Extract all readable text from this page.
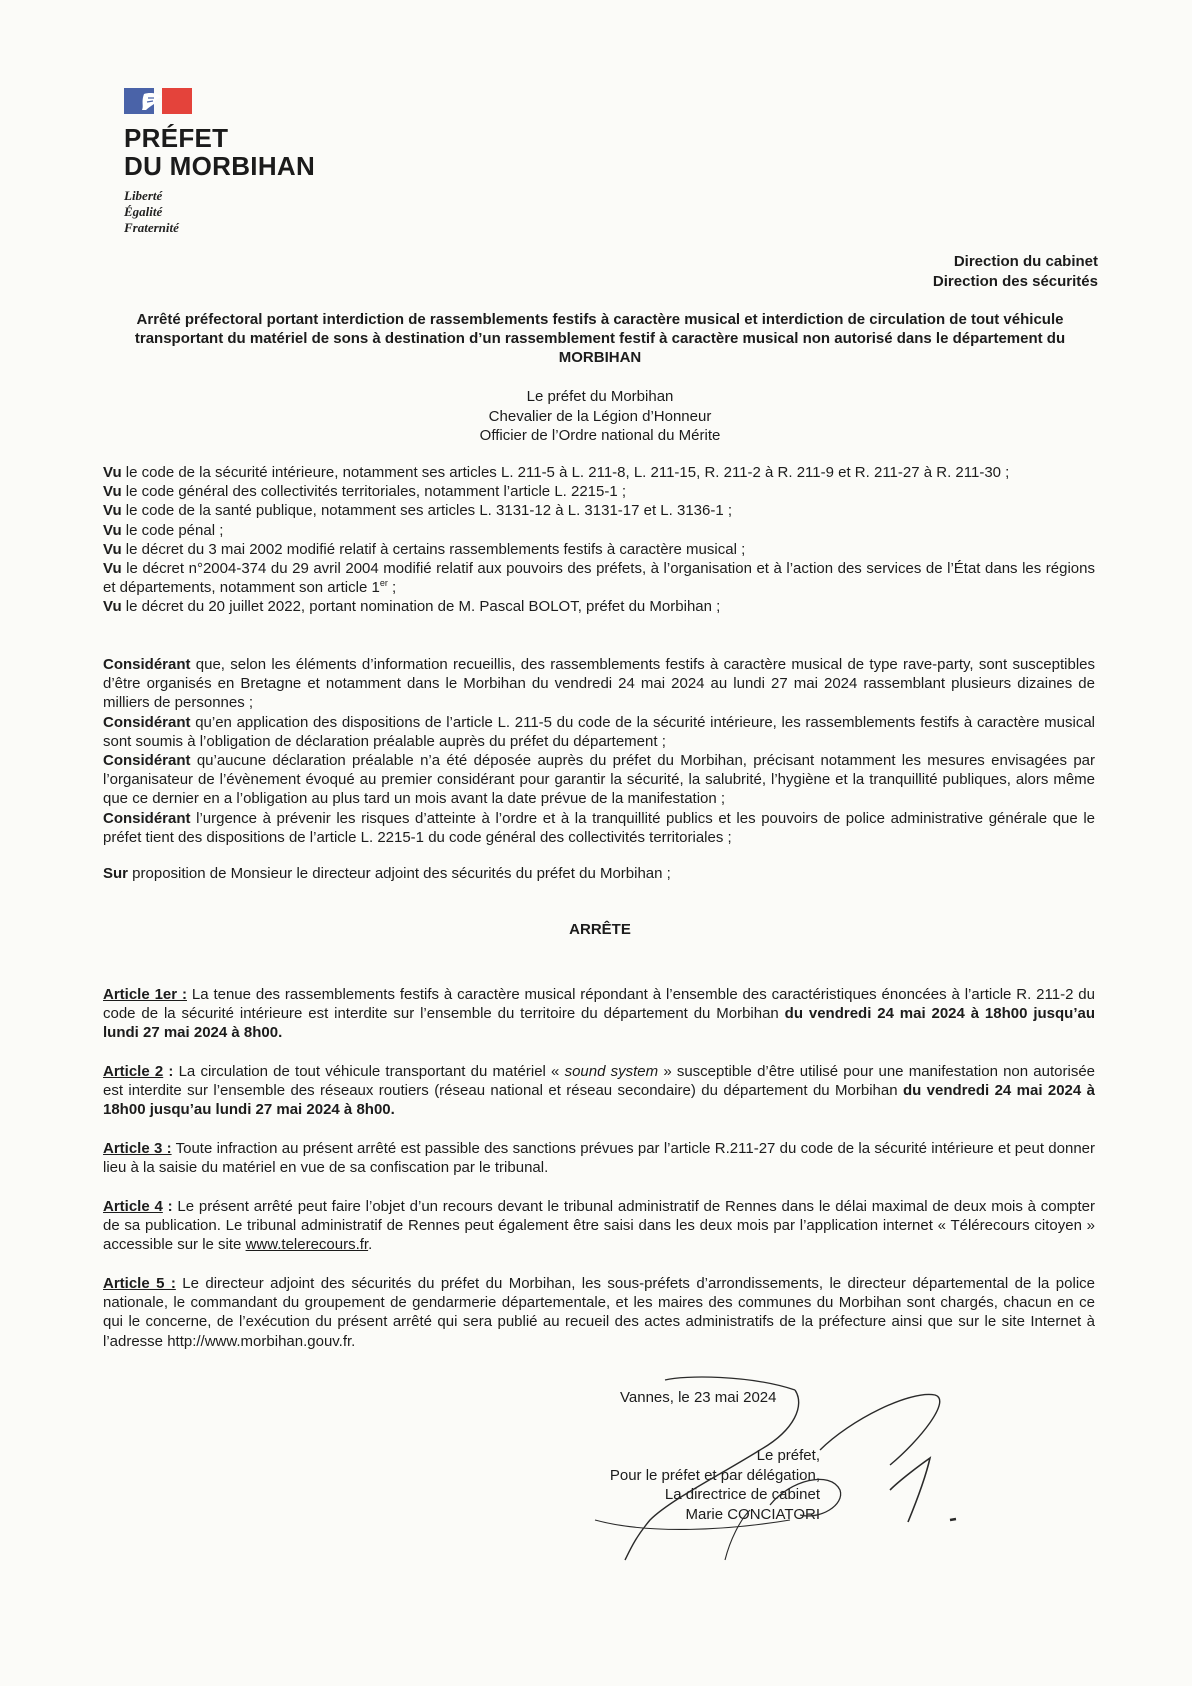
PRÉFET
DU MORBIHAN
Liberté
Égalité
Fraternité
Direction du cabinet
Direction des sécurités
Arrêté préfectoral portant interdiction de rassemblements festifs à caractère musical et interdiction de circulation de tout véhicule transportant du matériel de sons à destination d’un rassemblement festif à caractère musical non autorisé dans le département du MORBIHAN
Le préfet du Morbihan
Chevalier de la Légion d’Honneur
Officier de l’Ordre national du Mérite

Vu le code de la sécurité intérieure, notamment ses articles L. 211-5 à L. 211-8, L. 211-15, R. 211-2 à R. 211-9 et R. 211-27 à R. 211-30 ;

Vu le code général des collectivités territoriales, notamment l’article L. 2215-1 ;

Vu le code de la santé publique, notamment ses articles L. 3131-12 à L. 3131-17 et L. 3136-1 ;

Vu le code pénal ;

Vu le décret du 3 mai 2002 modifié relatif à certains rassemblements festifs à caractère musical ;

Vu le décret n°2004-374 du 29 avril 2004 modifié relatif aux pouvoirs des préfets, à l’organisation et à l’action des services de l’État dans les régions et départements, notamment son article 1er ;

Vu le décret du 20 juillet 2022, portant nomination de M. Pascal BOLOT, préfet du Morbihan ;

Considérant que, selon les éléments d’information recueillis, des rassemblements festifs à caractère musical de type rave-party, sont susceptibles d’être organisés en Bretagne et notamment dans le Morbihan du vendredi 24 mai 2024 au lundi 27 mai 2024 rassemblant plusieurs dizaines de milliers de personnes ;

Considérant qu’en application des dispositions de l’article L. 211-5 du code de la sécurité intérieure, les rassemblements festifs à caractère musical sont soumis à l’obligation de déclaration préalable auprès du préfet du département ;

Considérant qu’aucune déclaration préalable n’a été déposée auprès du préfet du Morbihan, précisant notamment les mesures envisagées par l’organisateur de l’évènement évoqué au premier considérant pour garantir la sécurité, la salubrité, l’hygiène et la tranquillité publiques, alors même que ce dernier en a l’obligation au plus tard un mois avant la date prévue de la manifestation ;

Considérant l’urgence à prévenir les risques d’atteinte à l’ordre et à la tranquillité publics et les pouvoirs de police administrative générale que le préfet tient des dispositions de l’article L. 2215-1 du code général des collectivités territoriales ;

Sur proposition de Monsieur le directeur adjoint des sécurités du préfet du Morbihan ;

ARRÊTE

Article 1er : La tenue des rassemblements festifs à caractère musical répondant à l’ensemble des caractéristiques énoncées à l’article R. 211-2 du code de la sécurité intérieure est interdite sur l’ensemble du territoire du département du Morbihan du vendredi 24 mai 2024 à 18h00 jusqu’au lundi 27 mai 2024 à 8h00.

Article 2 : La circulation de tout véhicule transportant du matériel « sound system » susceptible d’être utilisé pour une manifestation non autorisée est interdite sur l’ensemble des réseaux routiers (réseau national et réseau secondaire) du département du Morbihan du vendredi 24 mai 2024 à 18h00 jusqu’au lundi 27 mai 2024 à 8h00.

Article 3 : Toute infraction au présent arrêté est passible des sanctions prévues par l’article R.211-27 du code de la sécurité intérieure et peut donner lieu à la saisie du matériel en vue de sa confiscation par le tribunal.

Article 4 : Le présent arrêté peut faire l’objet d’un recours devant le tribunal administratif de Rennes dans le délai maximal de deux mois à compter de sa publication. Le tribunal administratif de Rennes peut également être saisi dans les deux mois par l’application internet « Télérecours citoyen » accessible sur le site www.telerecours.fr.

Article 5 : Le directeur adjoint des sécurités du préfet du Morbihan, les sous-préfets d’arrondissements, le directeur départemental de la police nationale, le commandant du groupement de gendarmerie départementale, et les maires des communes du Morbihan sont chargés, chacun en ce qui le concerne, de l’exécution du présent arrêté qui sera publié au recueil des actes administratifs de la préfecture ainsi que sur le site Internet à l’adresse http://www.morbihan.gouv.fr.

Vannes, le 23 mai 2024
Le préfet,
Pour le préfet et par délégation,
La directrice de cabinet
Marie CONCIATORI
